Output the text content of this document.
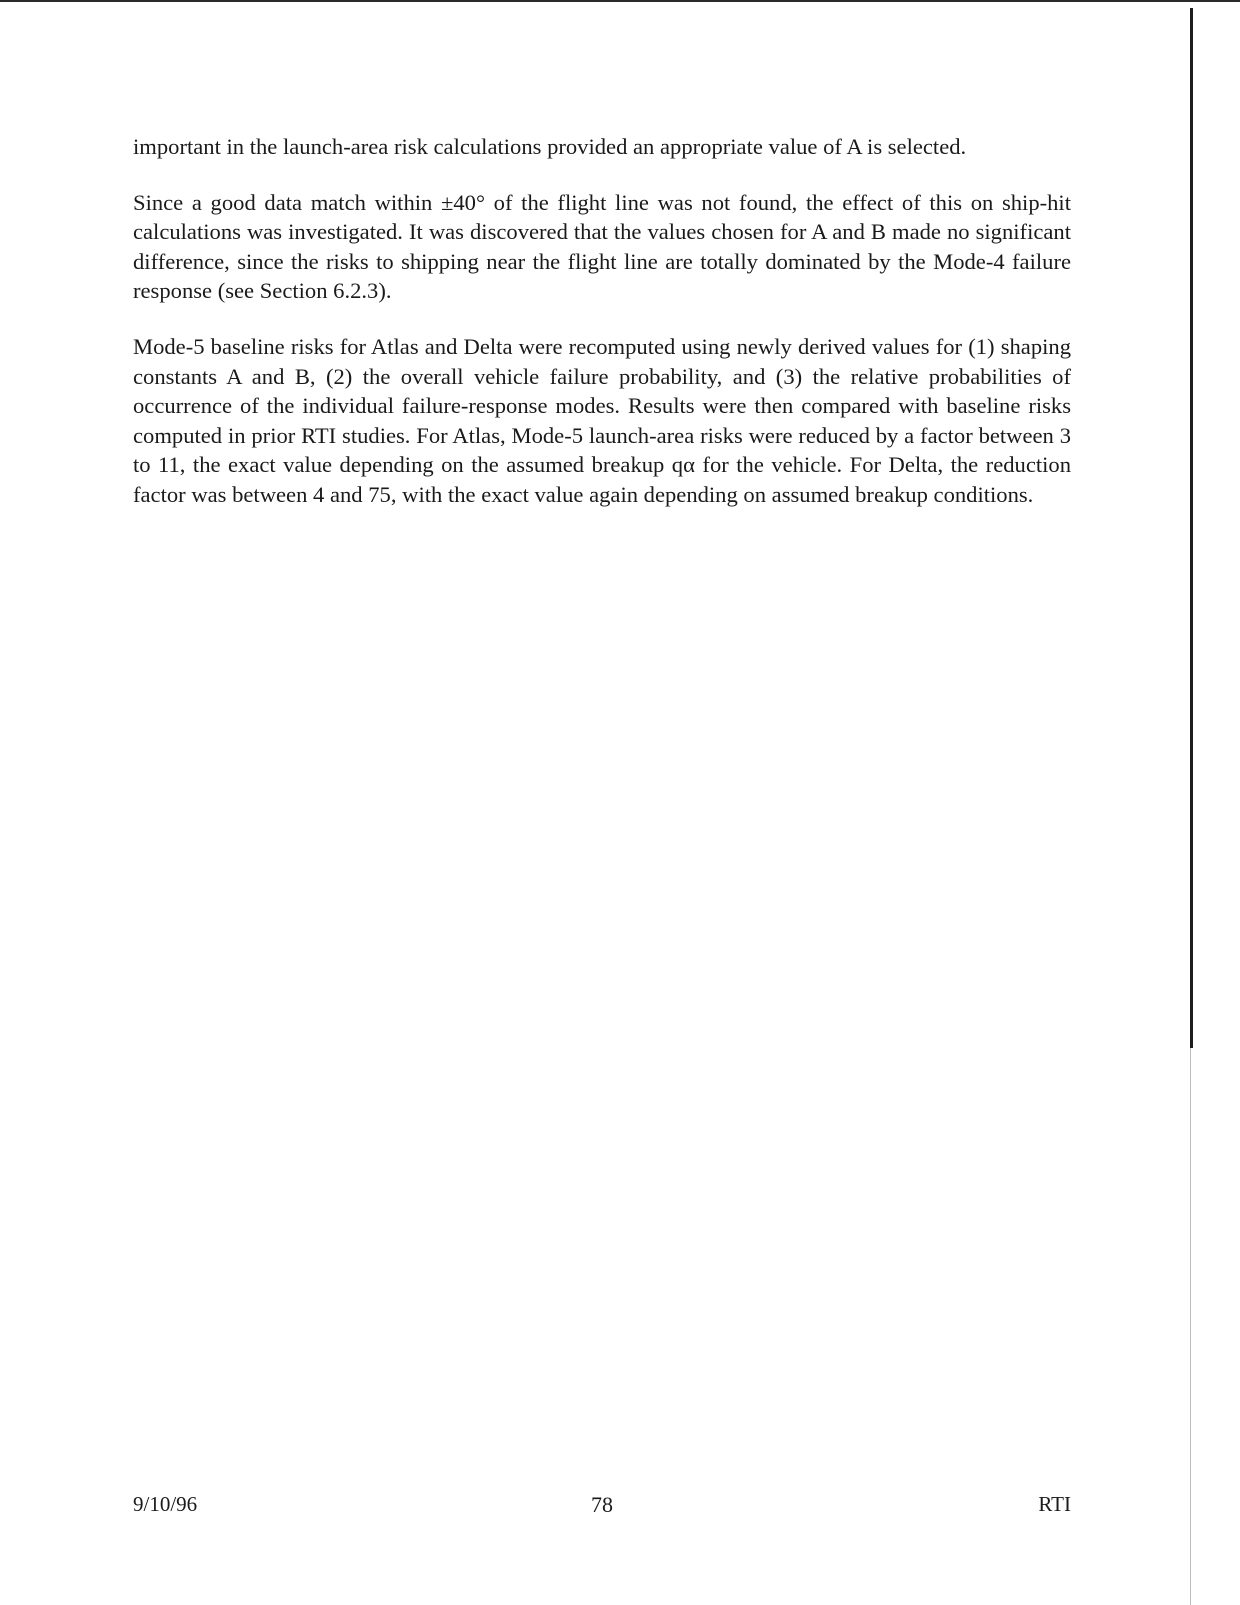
important in the launch-area risk calculations provided an appropriate value of A is selected.

Since a good data match within ±40° of the flight line was not found, the effect of this on ship-hit calculations was investigated. It was discovered that the values chosen for A and B made no significant difference, since the risks to shipping near the flight line are totally dominated by the Mode-4 failure response (see Section 6.2.3).

Mode-5 baseline risks for Atlas and Delta were recomputed using newly derived values for (1) shaping constants A and B, (2) the overall vehicle failure probability, and (3) the relative probabilities of occurrence of the individual failure-response modes. Results were then compared with baseline risks computed in prior RTI studies. For Atlas, Mode-5 launch-area risks were reduced by a factor between 3 to 11, the exact value depending on the assumed breakup qα for the vehicle. For Delta, the reduction factor was between 4 and 75, with the exact value again depending on assumed breakup conditions.

9/10/96	78	RTI
